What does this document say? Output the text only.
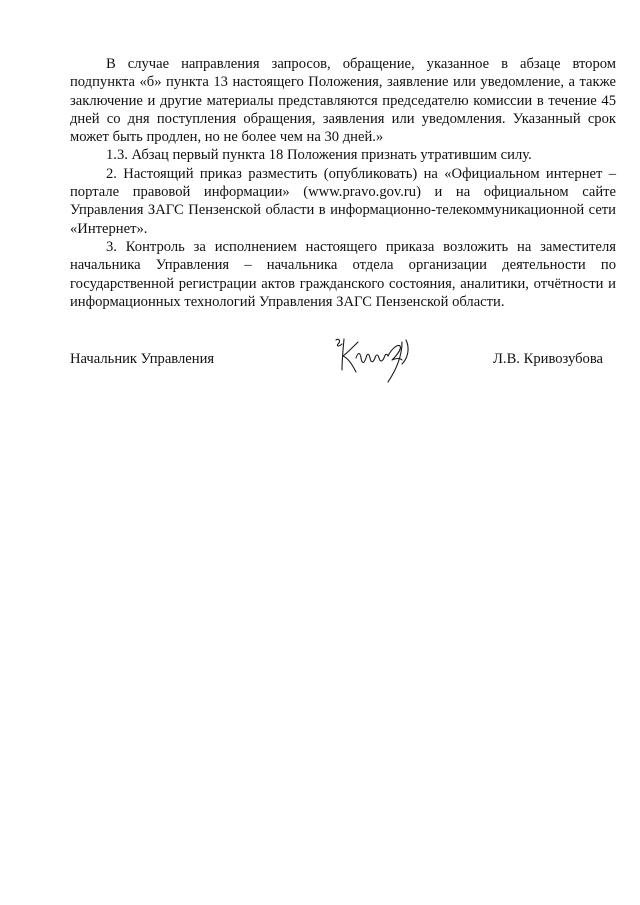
В случае направления запросов, обращение, указанное в абзаце втором подпункта «б» пункта 13 настоящего Положения, заявление или уведомление, а также заключение и другие материалы представляются председателю комиссии в течение 45 дней со дня поступления обращения, заявления или уведомления. Указанный срок может быть продлен, но не более чем на 30 дней.»

1.3. Абзац первый пункта 18 Положения признать утратившим силу.

2. Настоящий приказ разместить (опубликовать) на «Официальном интернет – портале правовой информации» (www.pravo.gov.ru) и на официальном сайте Управления ЗАГС Пензенской области в информационно-телекоммуникационной сети «Интернет».

3. Контроль за исполнением настоящего приказа возложить на заместителя начальника Управления – начальника отдела организации деятельности по государственной регистрации актов гражданского состояния, аналитики, отчётности и информационных технологий Управления ЗАГС Пензенской области.

Начальник Управления	Л.В. Кривозубова
